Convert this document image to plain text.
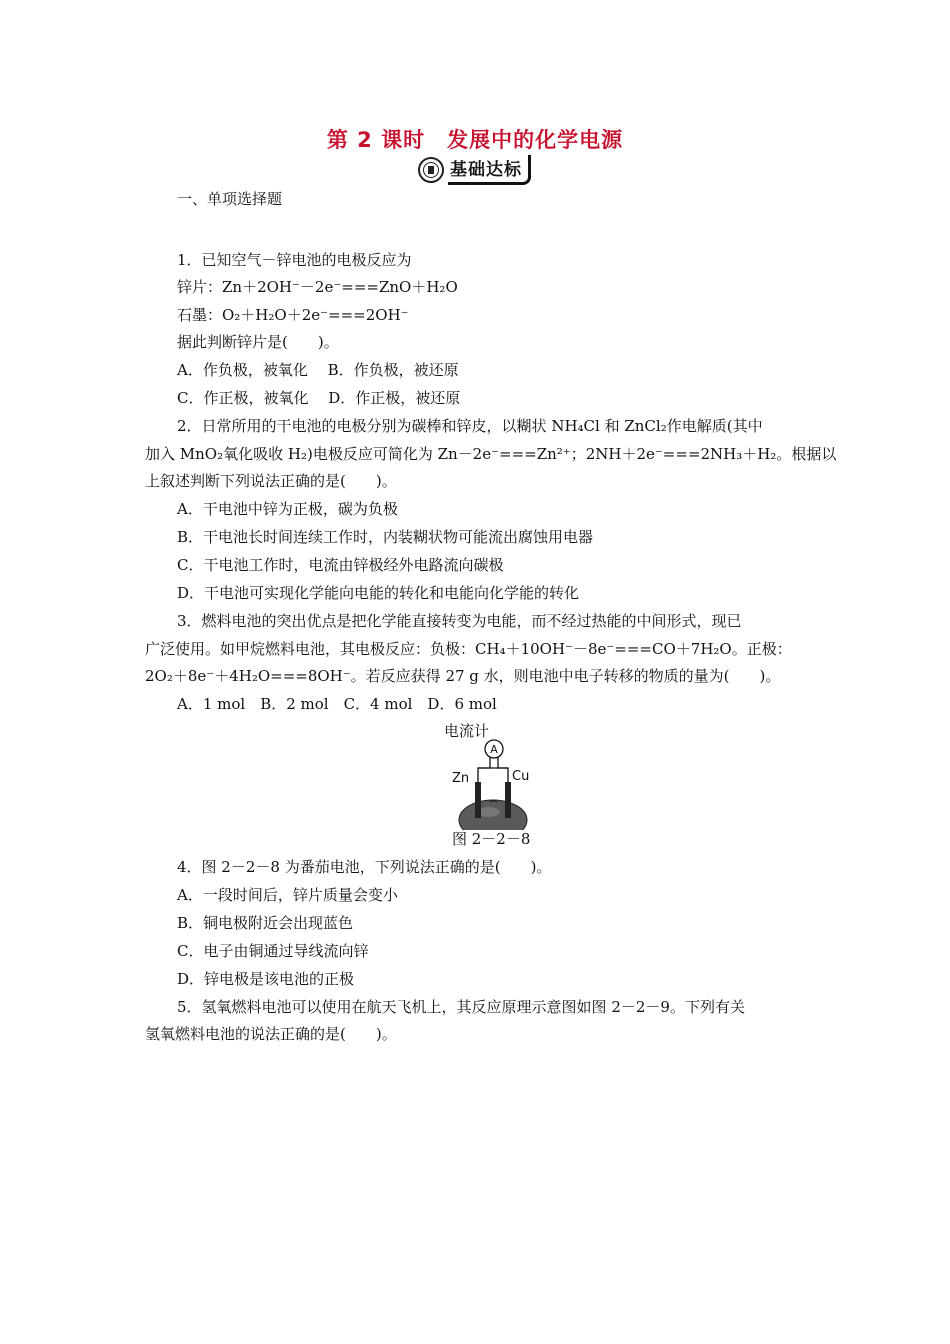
第 2 课时　发展中的化学电源
基础达标
一、单项选择题
1．已知空气－锌电池的电极反应为
锌片：Zn＋2OH⁻－2e⁻===ZnO＋H₂O
石墨：O₂＋H₂O＋2e⁻===2OH⁻
据此判断锌片是(　　)。
A．作负极，被氧化　 B．作负极，被还原
C．作正极，被氧化　 D．作正极，被还原
2．日常所用的干电池的电极分别为碳棒和锌皮，以糊状 NH₄Cl 和 ZnCl₂作电解质(其中
加入 MnO₂氧化吸收 H₂)电极反应可简化为 Zn－2e⁻===Zn²⁺；2NH＋2e⁻===2NH₃＋H₂。根据以
上叙述判断下列说法正确的是(　　)。
A．干电池中锌为正极，碳为负极
B．干电池长时间连续工作时，内装糊状物可能流出腐蚀用电器
C．干电池工作时，电流由锌极经外电路流向碳极
D．干电池可实现化学能向电能的转化和电能向化学能的转化
3．燃料电池的突出优点是把化学能直接转变为电能，而不经过热能的中间形式，现已
广泛使用。如甲烷燃料电池，其电极反应：负极：CH₄＋10OH⁻－8e⁻===CO＋7H₂O。正极：
2O₂＋8e⁻＋4H₂O===8OH⁻。若反应获得 27 g 水，则电池中电子转移的物质的量为(　　)。
A．1 mol　B．2 mol　C．4 mol　D．6 mol
电流计
A
Zn	Cu
图 2－2－8
4．图 2－2－8 为番茄电池，下列说法正确的是(　　)。
A．一段时间后，锌片质量会变小
B．铜电极附近会出现蓝色
C．电子由铜通过导线流向锌
D．锌电极是该电池的正极
5．氢氧燃料电池可以使用在航天飞机上，其反应原理示意图如图 2－2－9。下列有关
氢氧燃料电池的说法正确的是(　　)。
